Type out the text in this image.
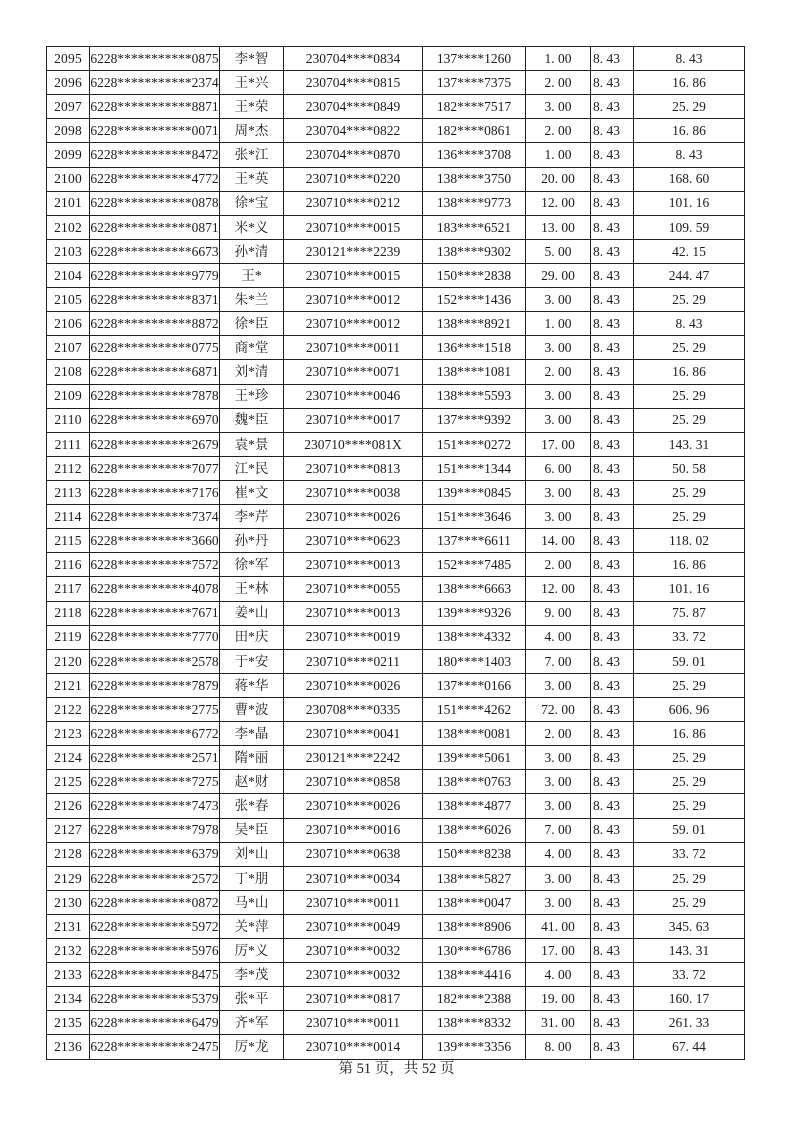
2095	6228***********0875	李*智	230704****0834	137****1260	1. 00	8. 43	8. 43
2096	6228***********2374	王*兴	230704****0815	137****7375	2. 00	8. 43	16. 86
2097	6228***********8871	王*荣	230704****0849	182****7517	3. 00	8. 43	25. 29
2098	6228***********0071	周*杰	230704****0822	182****0861	2. 00	8. 43	16. 86
2099	6228***********8472	张*江	230704****0870	136****3708	1. 00	8. 43	8. 43
2100	6228***********4772	王*英	230710****0220	138****3750	20. 00	8. 43	168. 60
2101	6228***********0878	徐*宝	230710****0212	138****9773	12. 00	8. 43	101. 16
2102	6228***********0871	米*义	230710****0015	183****6521	13. 00	8. 43	109. 59
2103	6228***********6673	孙*清	230121****2239	138****9302	5. 00	8. 43	42. 15
2104	6228***********9779	王*	230710****0015	150****2838	29. 00	8. 43	244. 47
2105	6228***********8371	朱*兰	230710****0012	152****1436	3. 00	8. 43	25. 29
2106	6228***********8872	徐*臣	230710****0012	138****8921	1. 00	8. 43	8. 43
2107	6228***********0775	商*堂	230710****0011	136****1518	3. 00	8. 43	25. 29
2108	6228***********6871	刘*清	230710****0071	138****1081	2. 00	8. 43	16. 86
2109	6228***********7878	王*珍	230710****0046	138****5593	3. 00	8. 43	25. 29
2110	6228***********6970	魏*臣	230710****0017	137****9392	3. 00	8. 43	25. 29
2111	6228***********2679	袁*景	230710****081X	151****0272	17. 00	8. 43	143. 31
2112	6228***********7077	江*民	230710****0813	151****1344	6. 00	8. 43	50. 58
2113	6228***********7176	崔*文	230710****0038	139****0845	3. 00	8. 43	25. 29
2114	6228***********7374	李*芹	230710****0026	151****3646	3. 00	8. 43	25. 29
2115	6228***********3660	孙*丹	230710****0623	137****6611	14. 00	8. 43	118. 02
2116	6228***********7572	徐*军	230710****0013	152****7485	2. 00	8. 43	16. 86
2117	6228***********4078	王*林	230710****0055	138****6663	12. 00	8. 43	101. 16
2118	6228***********7671	姜*山	230710****0013	139****9326	9. 00	8. 43	75. 87
2119	6228***********7770	田*庆	230710****0019	138****4332	4. 00	8. 43	33. 72
2120	6228***********2578	于*安	230710****0211	180****1403	7. 00	8. 43	59. 01
2121	6228***********7879	蒋*华	230710****0026	137****0166	3. 00	8. 43	25. 29
2122	6228***********2775	曹*波	230708****0335	151****4262	72. 00	8. 43	606. 96
2123	6228***********6772	李*晶	230710****0041	138****0081	2. 00	8. 43	16. 86
2124	6228***********2571	隋*丽	230121****2242	139****5061	3. 00	8. 43	25. 29
2125	6228***********7275	赵*财	230710****0858	138****0763	3. 00	8. 43	25. 29
2126	6228***********7473	张*春	230710****0026	138****4877	3. 00	8. 43	25. 29
2127	6228***********7978	吴*臣	230710****0016	138****6026	7. 00	8. 43	59. 01
2128	6228***********6379	刘*山	230710****0638	150****8238	4. 00	8. 43	33. 72
2129	6228***********2572	丁*朋	230710****0034	138****5827	3. 00	8. 43	25. 29
2130	6228***********0872	马*山	230710****0011	138****0047	3. 00	8. 43	25. 29
2131	6228***********5972	关*萍	230710****0049	138****8906	41. 00	8. 43	345. 63
2132	6228***********5976	厉*义	230710****0032	130****6786	17. 00	8. 43	143. 31
2133	6228***********8475	李*茂	230710****0032	138****4416	4. 00	8. 43	33. 72
2134	6228***********5379	张*平	230710****0817	182****2388	19. 00	8. 43	160. 17
2135	6228***********6479	齐*军	230710****0011	138****8332	31. 00	8. 43	261. 33
2136	6228***********2475	厉*龙	230710****0014	139****3356	8. 00	8. 43	67. 44
第 51 页，共 52 页
